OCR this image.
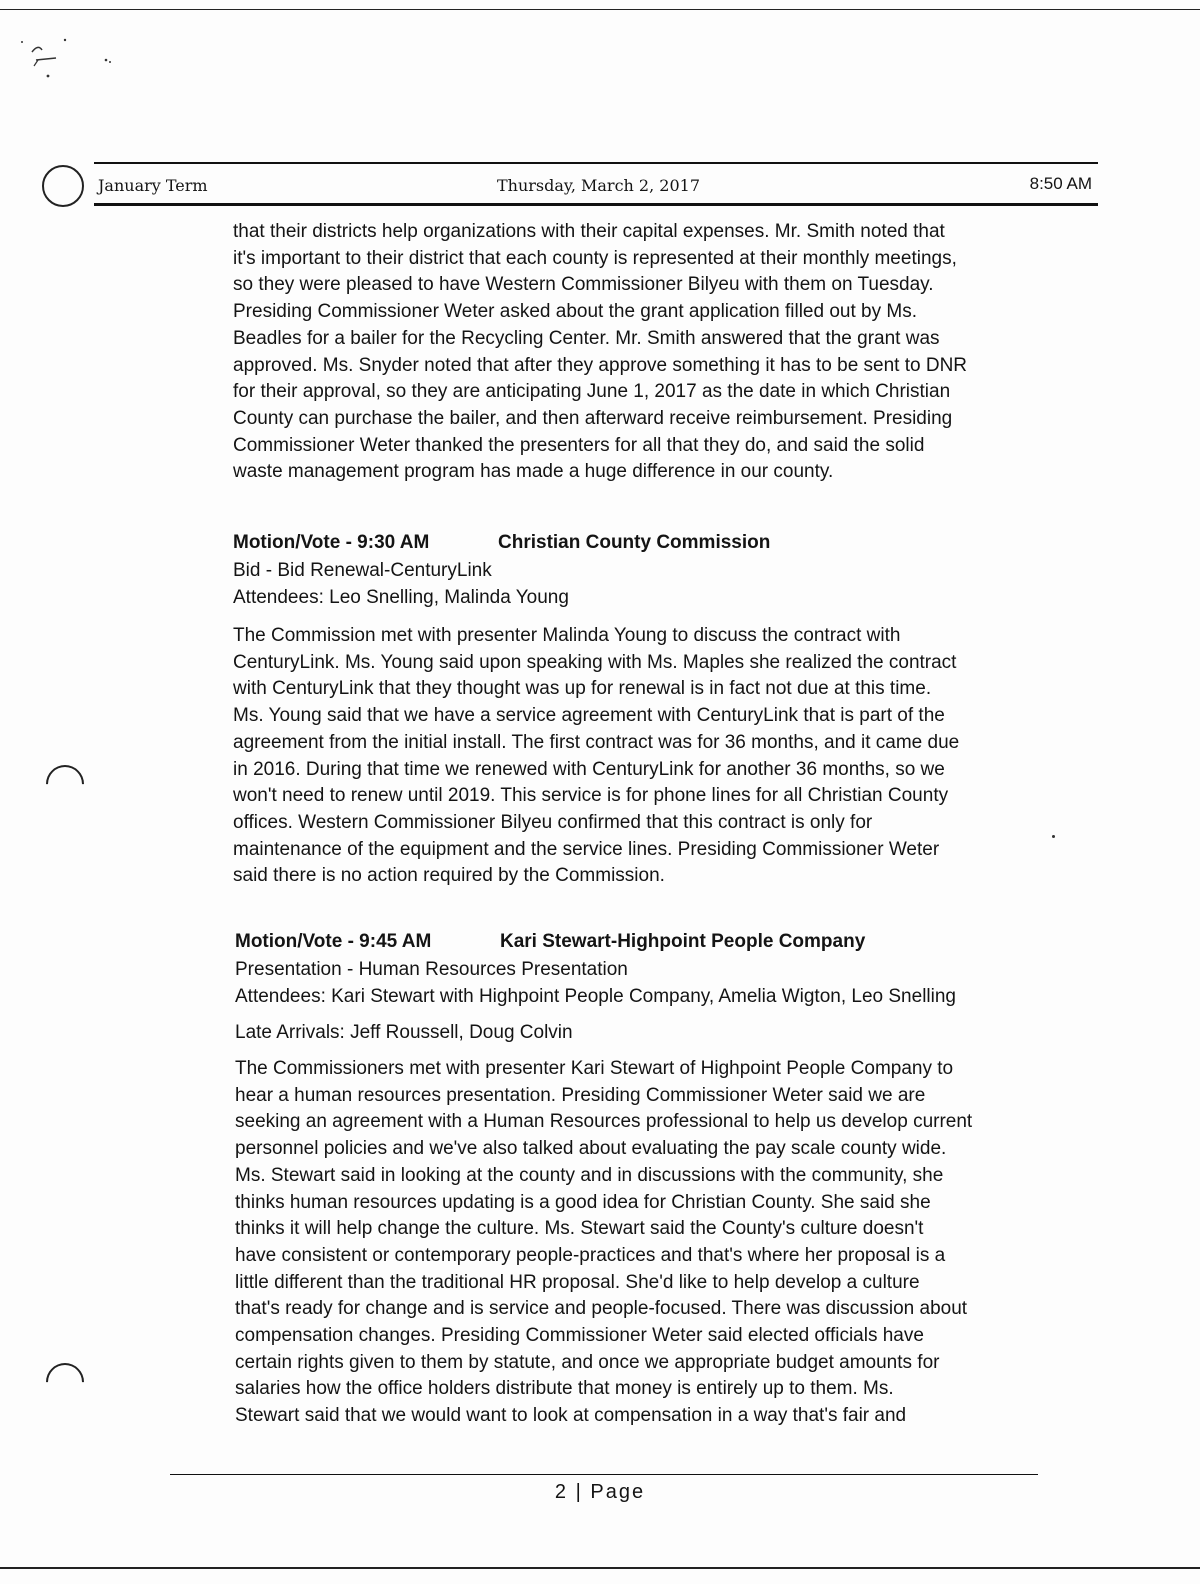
January Term	Thursday, March 2, 2017	8:50 AM

that their districts help organizations with their capital expenses. Mr. Smith noted that
it's important to their district that each county is represented at their monthly meetings,
so they were pleased to have Western Commissioner Bilyeu with them on Tuesday.
Presiding Commissioner Weter asked about the grant application filled out by Ms.
Beadles for a bailer for the Recycling Center. Mr. Smith answered that the grant was
approved. Ms. Snyder noted that after they approve something it has to be sent to DNR
for their approval, so they are anticipating June 1, 2017 as the date in which Christian
County can purchase the bailer, and then afterward receive reimbursement. Presiding
Commissioner Weter thanked the presenters for all that they do, and said the solid
waste management program has made a huge difference in our county.

Motion/Vote - 9:30 AM	Christian County Commission
Bid - Bid Renewal-CenturyLink
Attendees: Leo Snelling, Malinda Young

The Commission met with presenter Malinda Young to discuss the contract with
CenturyLink. Ms. Young said upon speaking with Ms. Maples she realized the contract
with CenturyLink that they thought was up for renewal is in fact not due at this time.
Ms. Young said that we have a service agreement with CenturyLink that is part of the
agreement from the initial install. The first contract was for 36 months, and it came due
in 2016. During that time we renewed with CenturyLink for another 36 months, so we
won't need to renew until 2019. This service is for phone lines for all Christian County
offices. Western Commissioner Bilyeu confirmed that this contract is only for
maintenance of the equipment and the service lines. Presiding Commissioner Weter
said there is no action required by the Commission.

Motion/Vote - 9:45 AM	Kari Stewart-Highpoint People Company
Presentation - Human Resources Presentation
Attendees: Kari Stewart with Highpoint People Company, Amelia Wigton, Leo Snelling
Late Arrivals: Jeff Roussell, Doug Colvin

The Commissioners met with presenter Kari Stewart of Highpoint People Company to
hear a human resources presentation. Presiding Commissioner Weter said we are
seeking an agreement with a Human Resources professional to help us develop current
personnel policies and we've also talked about evaluating the pay scale county wide.
Ms. Stewart said in looking at the county and in discussions with the community, she
thinks human resources updating is a good idea for Christian County. She said she
thinks it will help change the culture. Ms. Stewart said the County's culture doesn't
have consistent or contemporary people-practices and that's where her proposal is a
little different than the traditional HR proposal. She'd like to help develop a culture
that's ready for change and is service and people-focused. There was discussion about
compensation changes. Presiding Commissioner Weter said elected officials have
certain rights given to them by statute, and once we appropriate budget amounts for
salaries how the office holders distribute that money is entirely up to them. Ms.
Stewart said that we would want to look at compensation in a way that's fair and

2 | Page
